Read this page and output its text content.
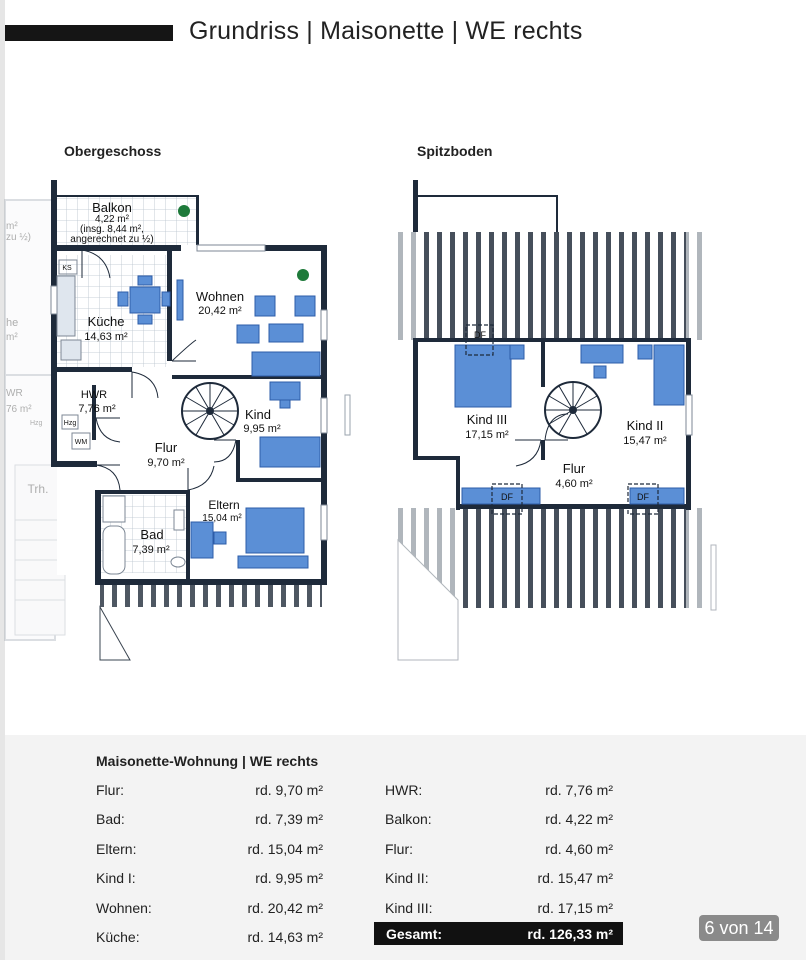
Grundriss | Maisonette | WE rechts
Obergeschoss	Spitzboden
Trh.
m²
zu ½)
he
m²
WR
76 m²
Hzg
KS
Hzg
WM
Balkon
4,22 m²
(insg. 8,44 m²,
angerechnet zu ½)
Wohnen
20,42 m²
Küche
14,63 m²
HWR
7,76 m²	Kind
9,95 m²
Flur
9,70 m²
Eltern
15,04 m²
Bad
7,39 m²
DF
DF	DF
Kind III
17,15 m²
Kind II
15,47 m²
Flur
4,60 m²
Maisonette-Wohnung | WE rechts
Flur:	rd. 9,70 m²
Bad:	rd. 7,39 m²
Eltern:	rd. 15,04 m²
Kind I:	rd. 9,95 m²
Wohnen:	rd. 20,42 m²
Küche:	rd. 14,63 m²
HWR:	rd. 7,76 m²
Balkon:	rd. 4,22 m²
Flur:	rd. 4,60 m²
Kind II:	rd. 15,47 m²
Kind III:	rd. 17,15 m²
Gesamt:	rd. 126,33 m²	6 von 14
